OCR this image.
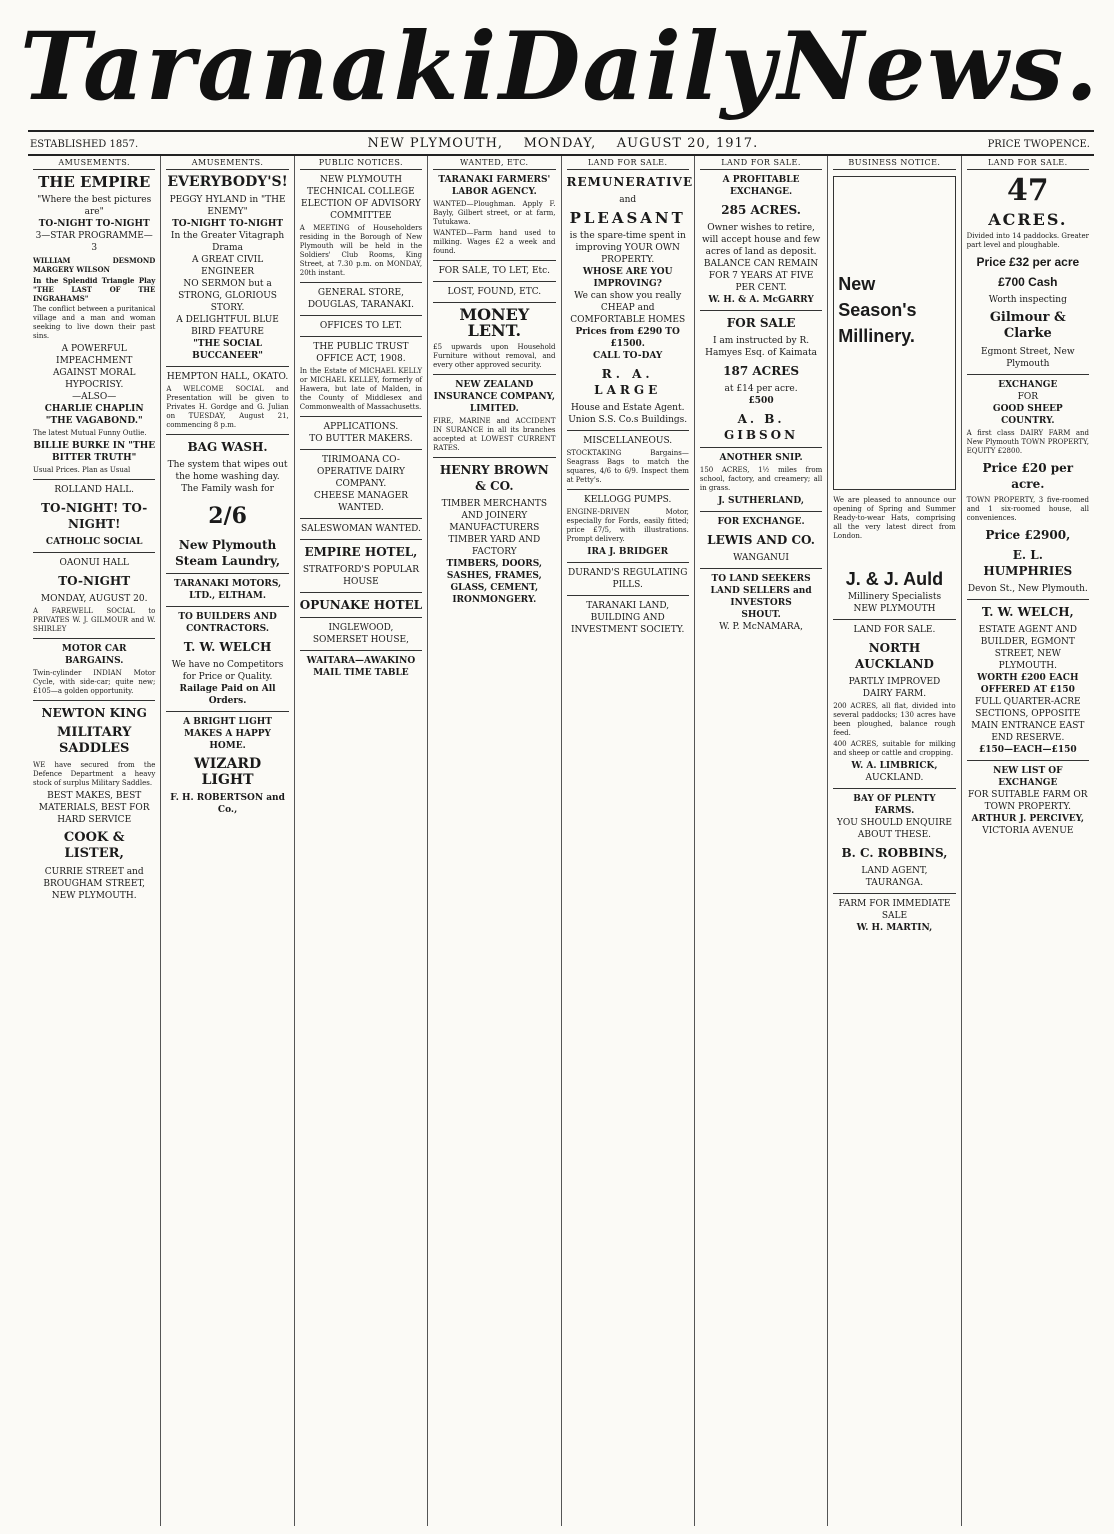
Taranaki Daily News.
ESTABLISHED 1857.	NEW PLYMOUTH, MONDAY, AUGUST 20, 1917.	PRICE TWOPENCE.
AMUSEMENTS.
THE EMPIRE
"Where the best pictures are"
TO-NIGHT TO-NIGHT
3—STAR PROGRAMME—3
WILLIAM DESMOND MARGERY WILSON
In the Splendid Triangle Play "THE LAST OF THE INGRAHAMS"
The conflict between a puritanical village and a man and woman seeking to live down their past sins.
A POWERFUL IMPEACHMENT AGAINST MORAL HYPOCRISY.
—ALSO—
CHARLIE CHAPLIN
"THE VAGABOND."
The latest Mutual Funny Outlie.
BILLIE BURKE IN "THE BITTER TRUTH"
Usual Prices. Plan as Usual
ROLLAND HALL.
TO-NIGHT! TO-NIGHT!
CATHOLIC SOCIAL
OAONUI HALL
TO-NIGHT
MONDAY, AUGUST 20.
A FAREWELL SOCIAL to PRIVATES W. J. GILMOUR and W. SHIRLEY
MOTOR CAR BARGAINS.
Twin-cylinder INDIAN Motor Cycle, with side-car; quite new; £105—a golden opportunity.
NEWTON KING
MILITARY SADDLES
WE have secured from the Defence Department a heavy stock of surplus Military Saddles.
BEST MAKES, BEST MATERIALS, BEST FOR HARD SERVICE
COOK & LISTER,
CURRIE STREET and BROUGHAM STREET, NEW PLYMOUTH.
AMUSEMENTS.
EVERYBODY'S!
PEGGY HYLAND in "THE ENEMY"
TO-NIGHT TO-NIGHT
In the Greater Vitagraph Drama
A GREAT CIVIL ENGINEER
NO SERMON but a STRONG, GLORIOUS STORY.
A DELIGHTFUL BLUE BIRD FEATURE
"THE SOCIAL BUCCANEER"
HEMPTON HALL, OKATO.
A WELCOME SOCIAL and Presentation will be given to Privates H. Gordge and G. Julian on TUESDAY, August 21, commencing 8 p.m.
BAG WASH.
The system that wipes out the home washing day.
The Family wash for
2/6
New Plymouth Steam Laundry,
TARANAKI MOTORS, LTD., ELTHAM.
TO BUILDERS AND CONTRACTORS.
T. W. WELCH
We have no Competitors for Price or Quality.
Railage Paid on All Orders.
A BRIGHT LIGHT MAKES A HAPPY HOME.
WIZARD LIGHT
F. H. ROBERTSON and Co.,
PUBLIC NOTICES.
NEW PLYMOUTH TECHNICAL COLLEGE
ELECTION OF ADVISORY COMMITTEE
A MEETING of Householders residing in the Borough of New Plymouth will be held in the Soldiers' Club Rooms, King Street, at 7.30 p.m. on MONDAY, 20th instant.
GENERAL STORE, DOUGLAS, TARANAKI.
OFFICES TO LET.
THE PUBLIC TRUST OFFICE ACT, 1908.
In the Estate of MICHAEL KELLY or MICHAEL KELLEY, formerly of Hawera, but late of Malden, in the County of Middlesex and Commonwealth of Massachusetts.
APPLICATIONS.
TO BUTTER MAKERS.
TIRIMOANA CO-OPERATIVE DAIRY COMPANY.
CHEESE MANAGER WANTED.
SALESWOMAN WANTED.
EMPIRE HOTEL,
STRATFORD'S POPULAR HOUSE
OPUNAKE HOTEL
INGLEWOOD, SOMERSET HOUSE,
WAITARA—AWAKINO MAIL TIME TABLE
WANTED, ETC.
TARANAKI FARMERS' LABOR AGENCY.
WANTED—Ploughman. Apply F. Bayly, Gilbert street, or at farm, Tutukawa.
WANTED—Farm hand used to milking. Wages £2 a week and found.
FOR SALE, TO LET, Etc.
LOST, FOUND, ETC.
MONEY LENT.
£5 upwards upon Household Furniture without removal, and every other approved security.
NEW ZEALAND INSURANCE COMPANY, LIMITED.
FIRE, MARINE and ACCIDENT IN SURANCE in all its branches accepted at LOWEST CURRENT RATES.
HENRY BROWN & CO.
TIMBER MERCHANTS AND JOINERY MANUFACTURERS
TIMBER YARD AND FACTORY
TIMBERS, DOORS, SASHES, FRAMES, GLASS, CEMENT, IRONMONGERY.
LAND FOR SALE.
REMUNERATIVE
and
PLEASANT
is the spare-time spent in improving YOUR OWN PROPERTY.
WHOSE ARE YOU IMPROVING?
We can show you really CHEAP and COMFORTABLE HOMES
Prices from £290 TO £1500.
CALL TO-DAY
R. A. LARGE
House and Estate Agent. Union S.S. Co.s Buildings.
MISCELLANEOUS.
STOCKTAKING Bargains—Seagrass Bags to match the squares, 4/6 to 6/9. Inspect them at Petty's.
KELLOGG PUMPS.
ENGINE-DRIVEN Motor, especially for Fords, easily fitted; price £7/5, with illustrations. Prompt delivery.
IRA J. BRIDGER
DURAND'S REGULATING PILLS.
TARANAKI LAND, BUILDING AND INVESTMENT SOCIETY.
LAND FOR SALE.
A PROFITABLE EXCHANGE.
285 ACRES.
Owner wishes to retire, will accept house and few acres of land as deposit.
BALANCE CAN REMAIN FOR 7 YEARS AT FIVE PER CENT.
W. H. & A. McGARRY
FOR SALE
I am instructed by R. Hamyes Esq. of Kaimata
187 ACRES
at £14 per acre.
£500
A. B. GIBSON
ANOTHER SNIP.
150 ACRES, 1½ miles from school, factory, and creamery; all in grass.
J. SUTHERLAND,
FOR EXCHANGE.
LEWIS AND CO.
WANGANUI
TO LAND SEEKERS LAND SELLERS and INVESTORS
SHOUT.
W. P. McNAMARA,
BUSINESS NOTICE.
New
Season's
Millinery.
We are pleased to announce our opening of Spring and Summer Ready-to-wear Hats, comprising all the very latest direct from London.
J. & J. Auld
Millinery Specialists
NEW PLYMOUTH
LAND FOR SALE.
NORTH AUCKLAND
PARTLY IMPROVED DAIRY FARM.
200 ACRES, all flat, divided into several paddocks; 130 acres have been ploughed, balance rough feed.
400 ACRES, suitable for milking and sheep or cattle and cropping.
W. A. LIMBRICK,
AUCKLAND.
BAY OF PLENTY FARMS.
YOU SHOULD ENQUIRE ABOUT THESE.
B. C. ROBBINS,
LAND AGENT, TAURANGA.
FARM FOR IMMEDIATE SALE
W. H. MARTIN,
LAND FOR SALE.
47
ACRES.
Divided into 14 paddocks. Greater part level and ploughable.
Price £32 per acre
£700 Cash
Worth inspecting
Gilmour & Clarke
Egmont Street, New Plymouth
EXCHANGE
FOR
GOOD SHEEP COUNTRY.
A first class DAIRY FARM and New Plymouth TOWN PROPERTY, EQUITY £2800.
Price £20 per acre.
TOWN PROPERTY, 3 five-roomed and 1 six-roomed house, all conveniences.
Price £2900,
E. L. HUMPHRIES
Devon St., New Plymouth.
T. W. WELCH,
ESTATE AGENT AND BUILDER, EGMONT STREET, NEW PLYMOUTH.
WORTH £200 EACH
OFFERED AT £150
FULL QUARTER-ACRE SECTIONS, OPPOSITE MAIN ENTRANCE EAST END RESERVE.
£150—EACH—£150
NEW LIST OF EXCHANGE
FOR SUITABLE FARM OR TOWN PROPERTY.
ARTHUR J. PERCIVEY,
VICTORIA AVENUE
